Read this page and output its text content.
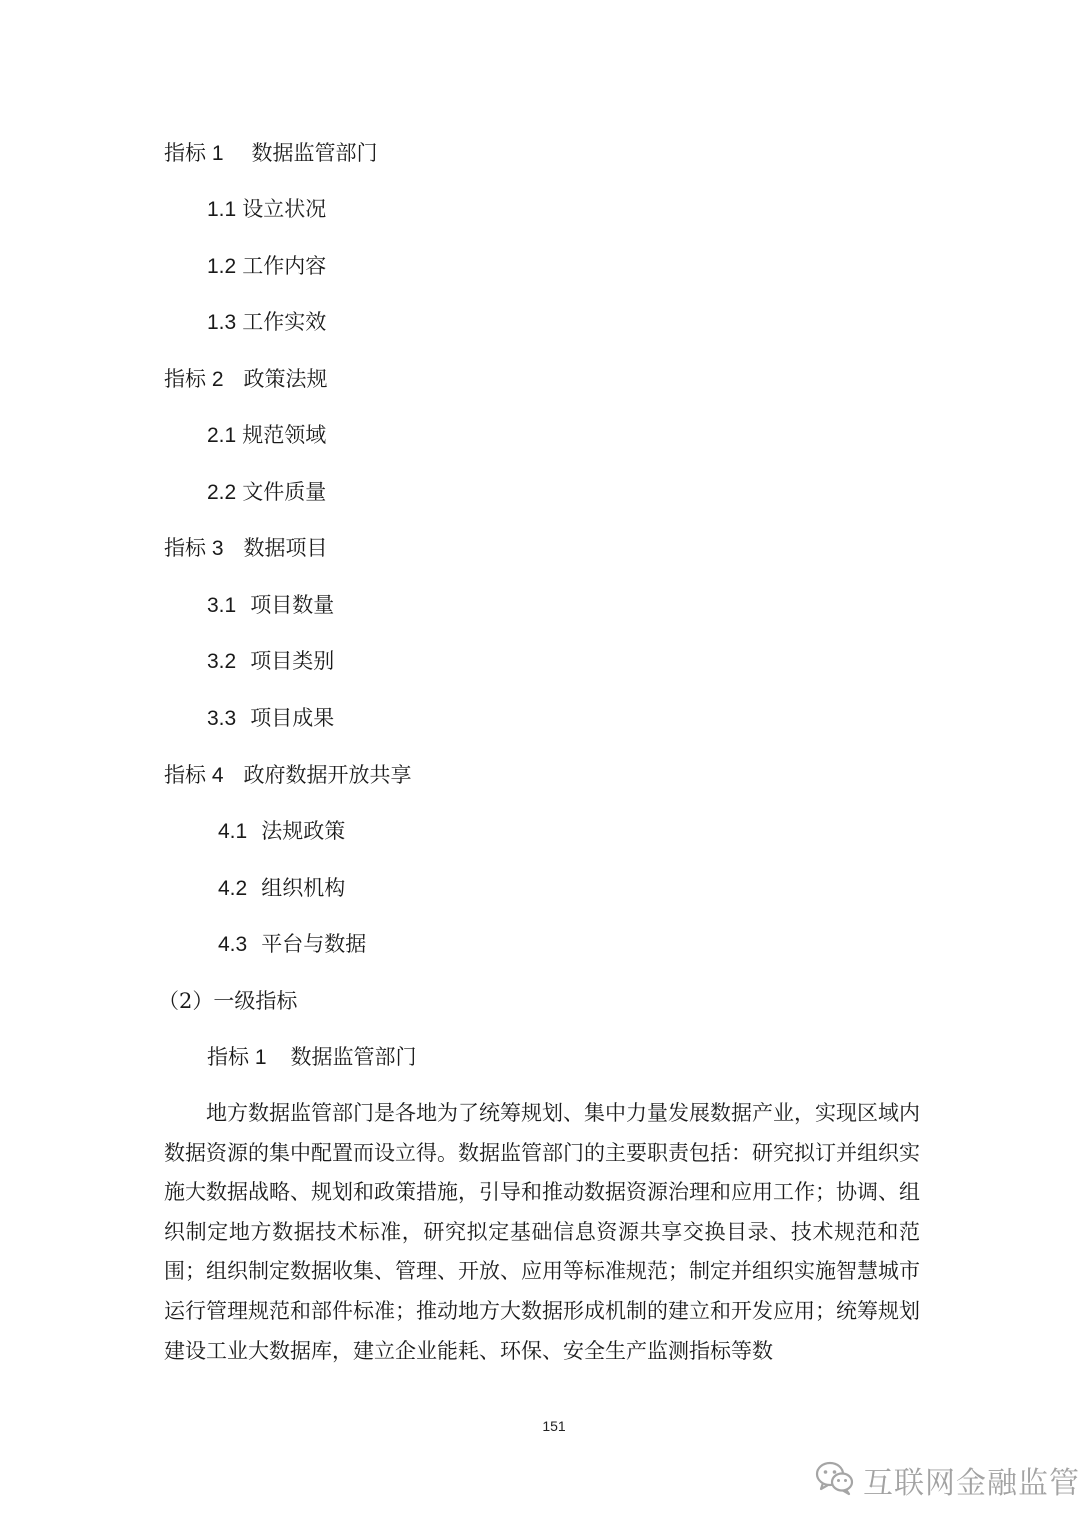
指标 1 数据监管部门
1.1 设立状况
1.2 工作内容
1.3 工作实效
指标 2 政策法规
2.1 规范领域
2.2 文件质量
指标 3 数据项目
3.1 项目数量
3.2 项目类别
3.3 项目成果
指标 4 政府数据开放共享
4.1 法规政策
4.2 组织机构
4.3 平台与数据
（2）一级指标
指标 1 数据监管部门

地方数据监管部门是各地为了统筹规划、集中力量发展数据产业，实现区域内数据资源的集中配置而设立得。数据监管部门的主要职责包括：研究拟订并组织实施大数据战略、规划和政策措施，引导和推动数据资源治理和应用工作；协调、组织制定地方数据技术标准，研究拟定基础信息资源共享交换目录、技术规范和范围；组织制定数据收集、管理、开放、应用等标准规范；制定并组织实施智慧城市运行管理规范和部件标准；推动地方大数据形成机制的建立和开发应用；统筹规划建设工业大数据库，建立企业能耗、环保、安全生产监测指标等数

151
互联网金融监管
